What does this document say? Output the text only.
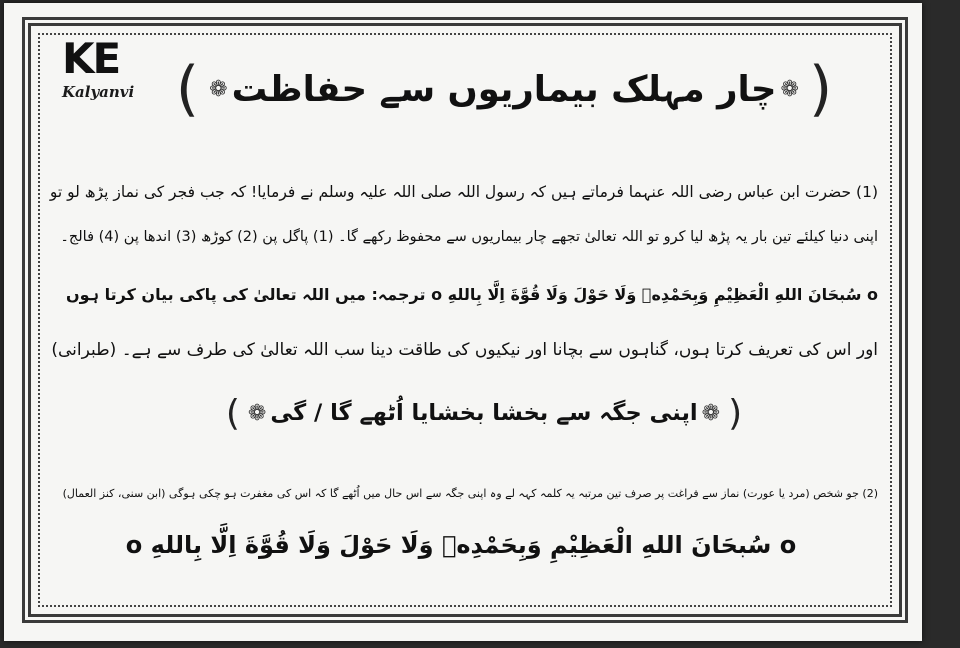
KE
Kalyanvi ( ❁ چار مہلک بیماریوں سے حفاظت ❁ )
(1) حضرت ابن عباس رضی اللہ عنہما فرماتے ہیں کہ رسول اللہ صلی اللہ علیہ وسلم نے فرمایا! کہ جب فجر کی نماز پڑھ لو تو
اپنی دنیا کیلئے تین بار یہ پڑھ لیا کرو تو اللہ تعالیٰ تجھے چار بیماریوں سے محفوظ رکھے گا۔ (1) پاگل پن (2) کوڑھ (3) اندھا پن (4) فالج۔
o سُبحَانَ اللهِ الْعَظِيْمِ وَبِحَمْدِهٖ وَلَا حَوْلَ وَلَا قُوَّةَ اِلَّا بِاللهِ o ترجمہ: میں اللہ تعالیٰ کی پاکی بیان کرتا ہوں
اور اس کی تعریف کرتا ہوں، گناہوں سے بچانا اور نیکیوں کی طاقت دینا سب اللہ تعالیٰ کی طرف سے ہے۔ (طبرانی)
( ❁ اپنی جگہ سے بخشا بخشایا اُٹھے گا / گی ❁ )
(2) جو شخص (مرد یا عورت) نماز سے فراغت پر صرف تین مرتبہ یہ کلمہ کہہ لے وہ اپنی جگہ سے اس حال میں اُٹھے گا کہ اس کی مغفرت ہو چکی ہوگی (ابن سنی، کنز العمال)
o سُبحَانَ اللهِ الْعَظِيْمِ وَبِحَمْدِهٖ وَلَا حَوْلَ وَلَا قُوَّةَ اِلَّا بِاللهِ o
